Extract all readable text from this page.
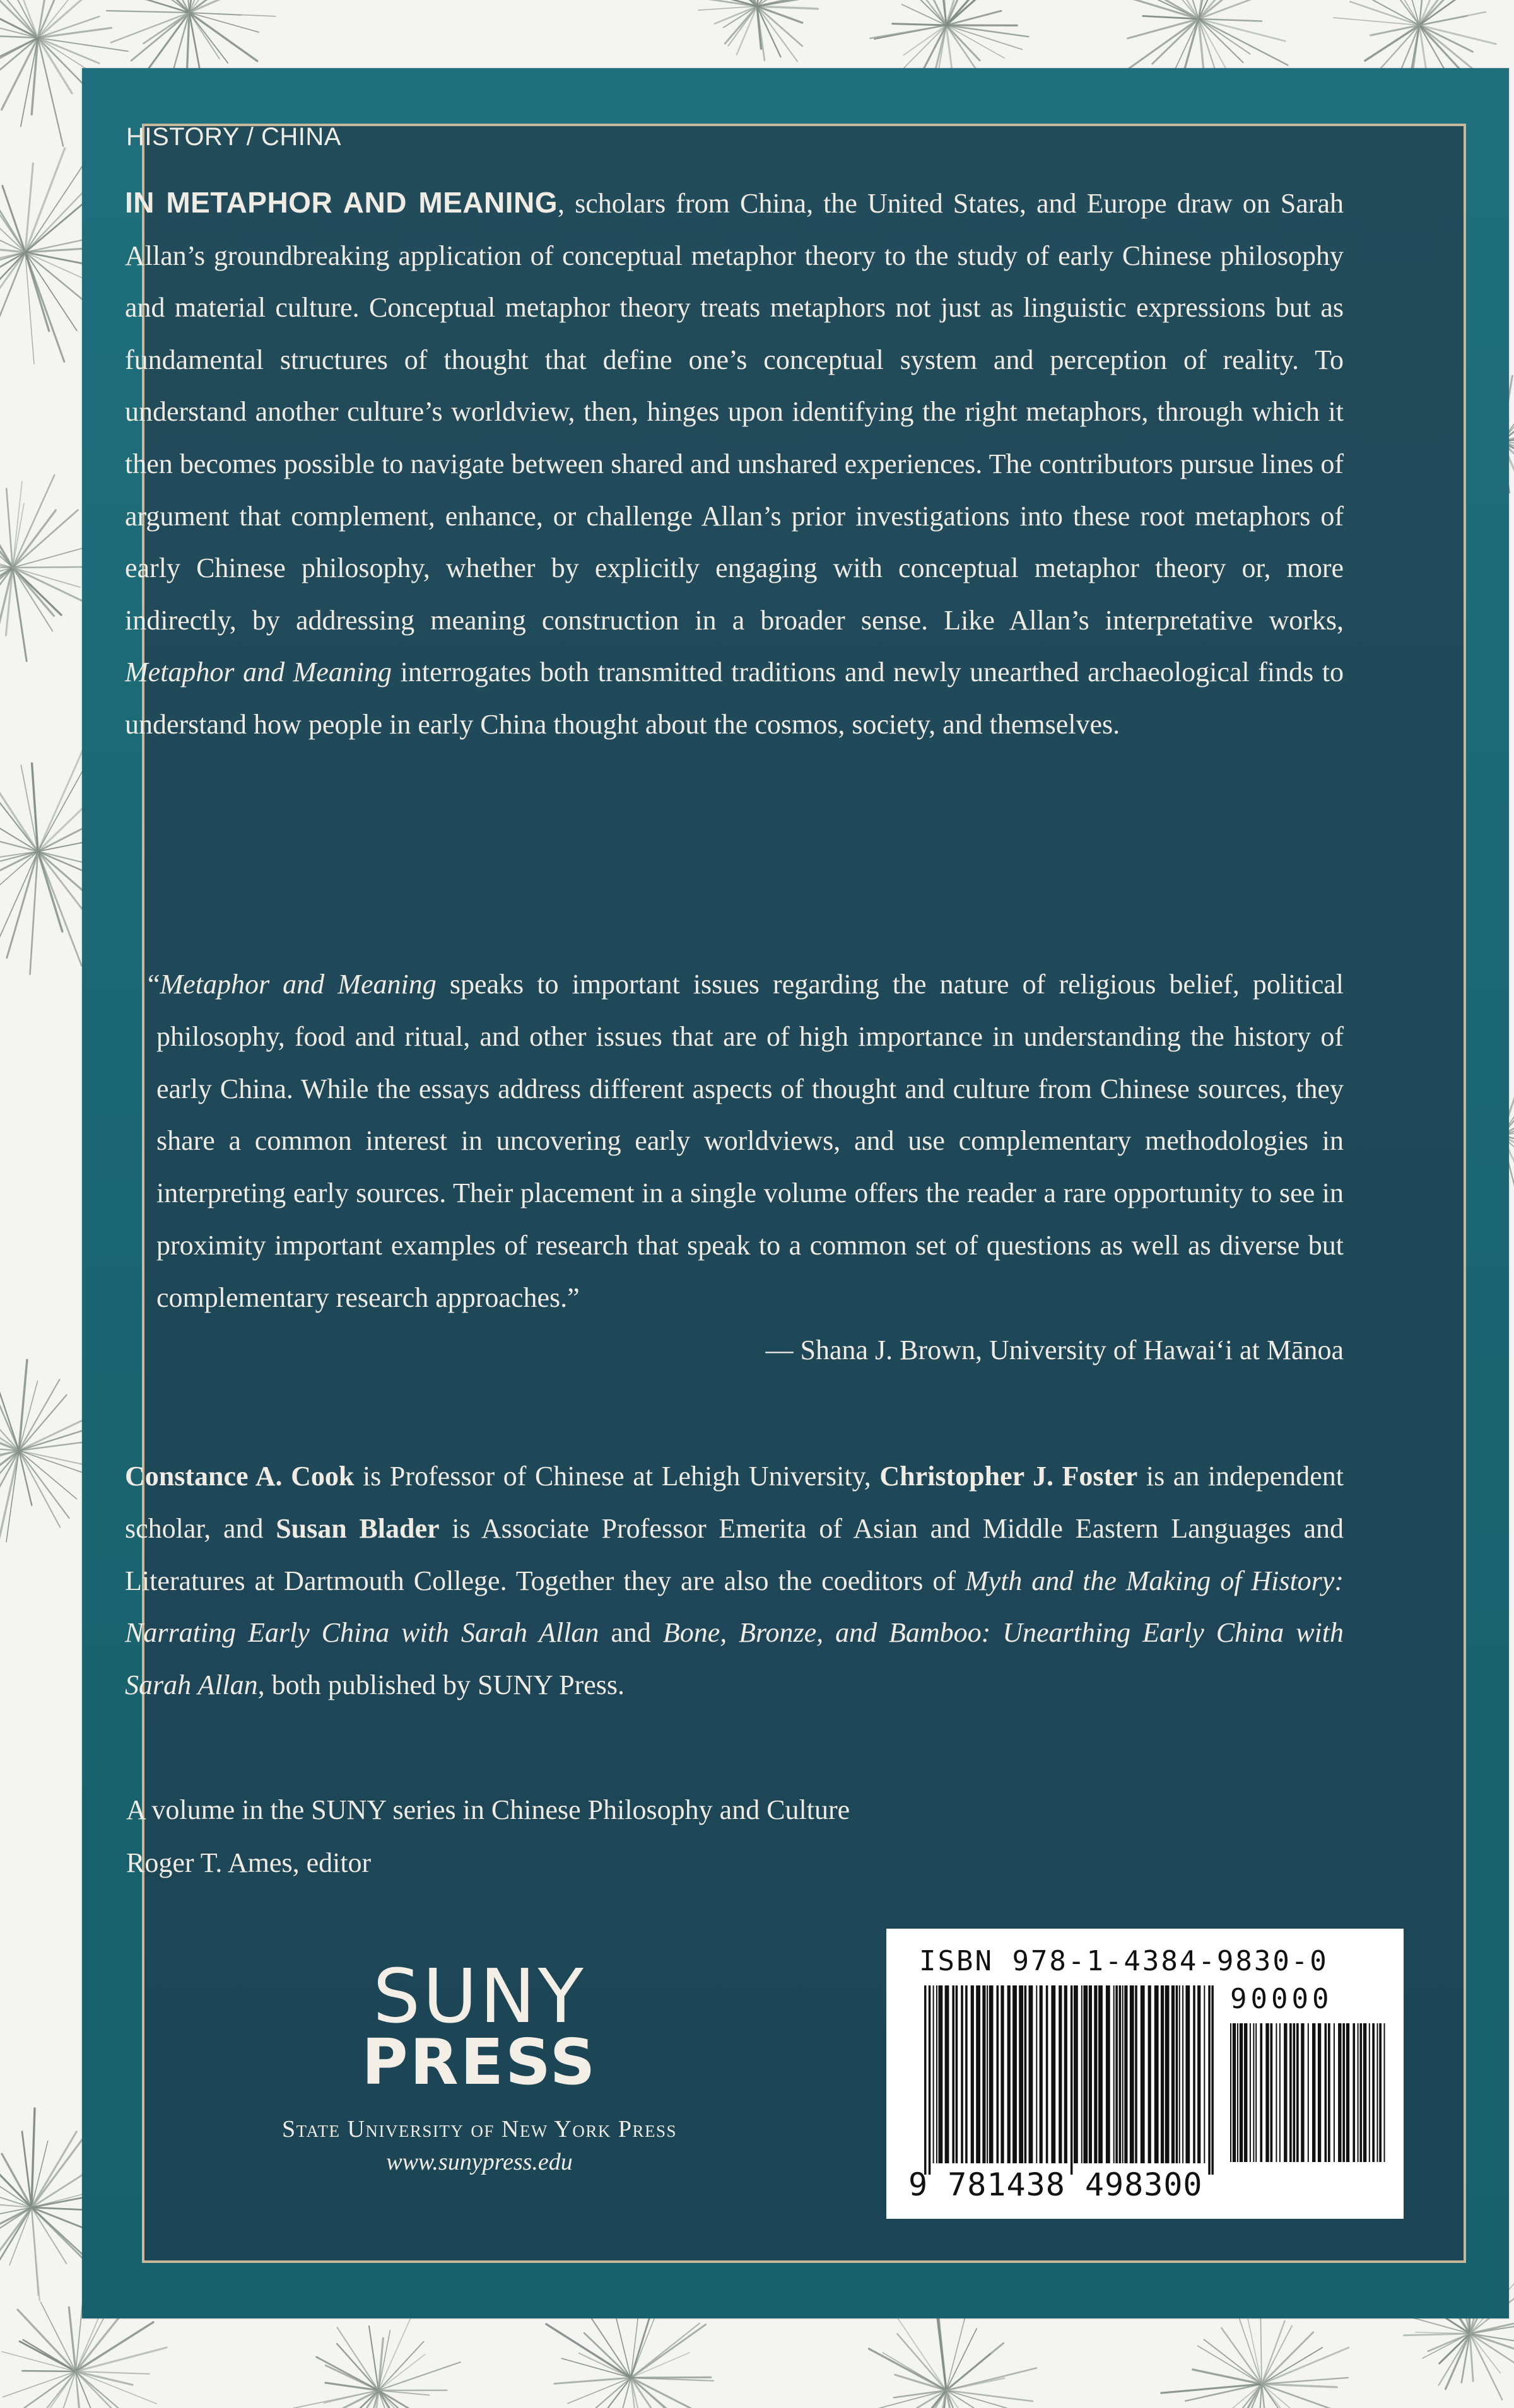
HISTORY / CHINA

IN METAPHOR AND MEANING, scholars from China, the United States, and Europe draw on Sarah Allan’s groundbreaking application of conceptual metaphor theory to the study of early Chinese philosophy and material culture. Conceptual metaphor theory treats metaphors not just as linguistic expressions but as fundamental structures of thought that define one’s conceptual system and perception of reality. To understand another culture’s worldview, then, hinges upon identifying the right metaphors, through which it then becomes possible to navigate between shared and unshared experiences. The contributors pursue lines of argument that complement, enhance, or challenge Allan’s prior investigations into these root metaphors of early Chinese philosophy, whether by explicitly engaging with conceptual metaphor theory or, more indirectly, by addressing meaning construction in a broader sense. Like Allan’s interpretative works, Metaphor and Meaning interrogates both transmitted traditions and newly unearthed archaeological finds to understand how people in early China thought about the cosmos, society, and themselves.

“Metaphor and Meaning speaks to important issues regarding the nature of religious belief, political philosophy, food and ritual, and other issues that are of high importance in understanding the history of early China. While the essays address different aspects of thought and culture from Chinese sources, they share a common interest in uncovering early worldviews, and use complementary methodologies in interpreting early sources. Their placement in a single volume offers the reader a rare opportunity to see in proximity important examples of research that speak to a common set of questions as well as diverse but complementary research approaches.”

— Shana J. Brown, University of Hawai‘i at Mānoa

Constance A. Cook is Professor of Chinese at Lehigh University, Christopher J. Foster is an independent scholar, and Susan Blader is Associate Professor Emerita of Asian and Middle Eastern Languages and Literatures at Dartmouth College. Together they are also the coeditors of Myth and the Making of History: Narrating Early China with Sarah Allan and Bone, Bronze, and Bamboo: Unearthing Early China with Sarah Allan, both published by SUNY Press.

A volume in the SUNY series in Chinese Philosophy and Culture
Roger T. Ames, editor
SUNY
PRESS
State University of New York Press
www.sunypress.edu
ISBN 978-1-4384-9830-0
90000
9 781438 498300
